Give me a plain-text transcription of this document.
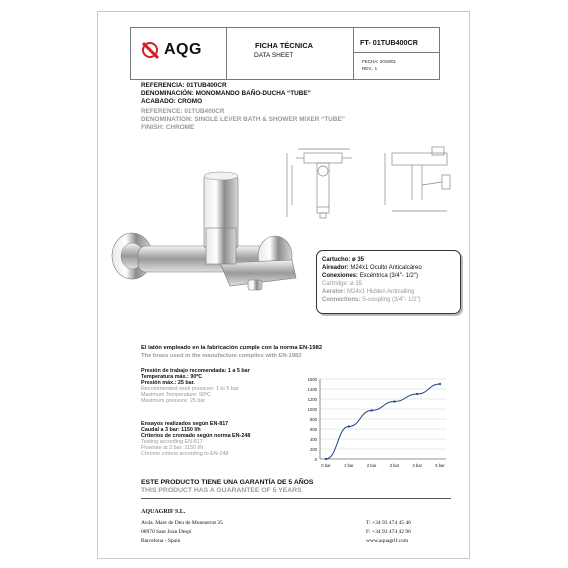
AQG	FICHA TÉCNICA
DATA SHEET
FT- 01TUB400CR
FECHA: 2019/01
REV.: 1
REFERENCIA: 01TUB400CR
DENOMINACIÓN: MONOMANDO BAÑO-DUCHA “TUBE”
ACABADO: CROMO
REFERENCE: 01TUB400CR
DENOMINATION: SINGLE LEVER BATH & SHOWER MIXER “TUBE”
FINISH: CHROME
Cartucho: ø 35
Aireador: M24x1 Oculto Anticalcáreo
Conexiones: Excéntrica (3/4"- 1/2")
Cartridge: ø 35
Aerator: M24x1 Hidden Anticalling
Connections: S-coupling (3/4"- 1/2")
El latón empleado en la fabricación cumple con la norma EN-1982
The brass used in the manufacture complies with EN-1982
Presión de trabajo recomendada: 1 a 5 bar
Temperatura máx.: 90ºC
Presión máx.: 25 bar.
Recommended work pressure: 1 to 5 bar
Maximum Temperature: 90ºC
Maximum pressure: 25 bar
Ensayos realizados según EN-817
Caudal a 3 bar: 1150 l/h
Criterios de cromado según norma EN-248
Testing according EN-817
Flowrate at 3 bar: 1150 l/h
Chrome criteria according to EN-248
0
200
400
600
800
1000
1200
1400
1600
0 bar	1 bar	2 bar	3 bar	4 bar	5 bar
ESTE PRODUCTO TIENE UNA GARANTÍA DE 5 AÑOS
THIS PRODUCT HAS A GUARANTEE OF 5 YEARS
AQUAGRIF S.L.
Avda. Mare de Deu de Montserrat 35
08970 Sant Joan Despí
Barcelona - Spain
T: +34 93 474 45 46
F: +34 93 474 42 96
www.aquagrif.com
